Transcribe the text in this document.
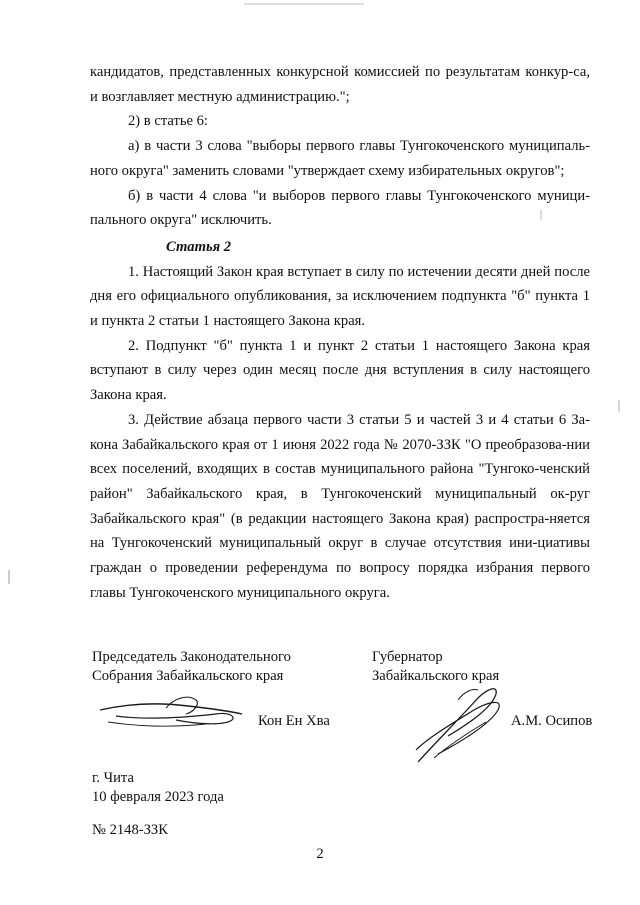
кандидатов, представленных конкурсной комиссией по результатам конкур-са, и возглавляет местную администрацию.";

2) в статье 6:

а) в части 3 слова "выборы первого главы Тунгокоченского муниципаль-ного округа" заменить словами "утверждает схему избирательных округов";

б) в части 4 слова "и выборов первого главы Тунгокоченского муници-пального округа" исключить.

Статья 2

1. Настоящий Закон края вступает в силу по истечении десяти дней после дня его официального опубликования, за исключением подпункта "б" пункта 1 и пункта 2 статьи 1 настоящего Закона края.

2. Подпункт "б" пункта 1 и пункт 2 статьи 1 настоящего Закона края вступают в силу через один месяц после дня вступления в силу настоящего Закона края.

3. Действие абзаца первого части 3 статьи 5 и частей 3 и 4 статьи 6 За-кона Забайкальского края от 1 июня 2022 года № 2070-ЗЗК "О преобразова-нии всех поселений, входящих в состав муниципального района "Тунгоко-ченский район" Забайкальского края, в Тунгокоченский муниципальный ок-руг Забайкальского края" (в редакции настоящего Закона края) распростра-няется на Тунгокоченский муниципальный округ в случае отсутствия ини-циативы граждан о проведении референдума по вопросу порядка избрания первого главы Тунгокоченского муниципального округа.

Председатель Законодательного
Собрания Забайкальского края
Губернатор
Забайкальского края
Кон Ен Хва	А.М. Осипов
г. Чита
10 февраля 2023 года
№ 2148-ЗЗК
2
